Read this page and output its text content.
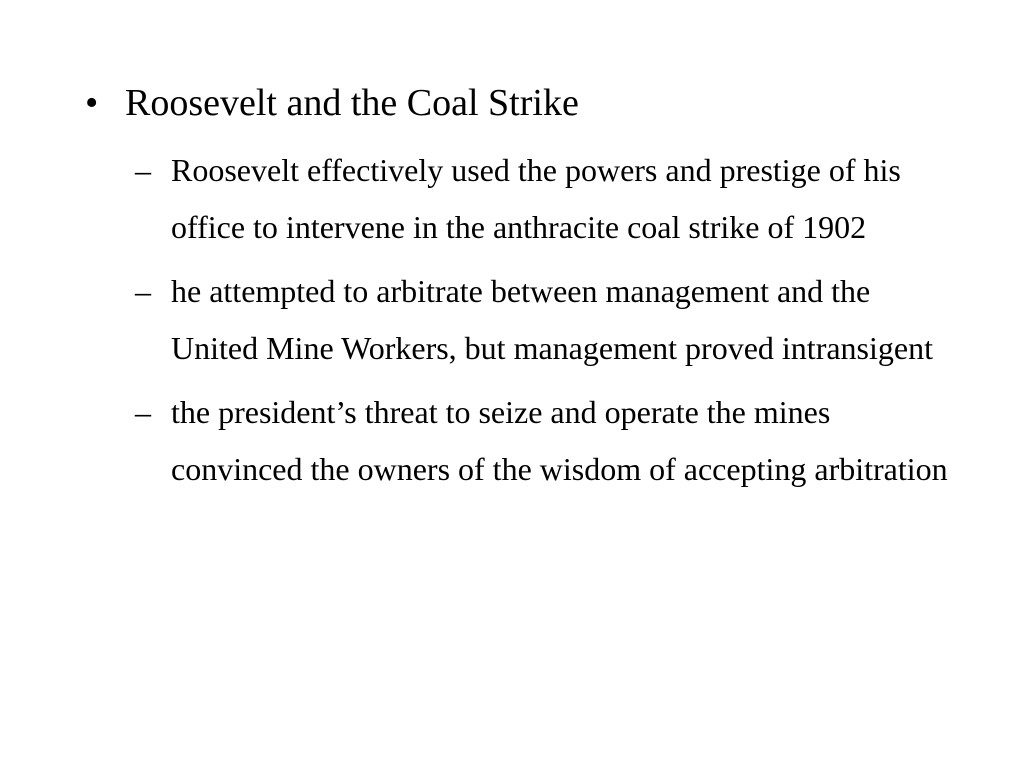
• Roosevelt and the Coal Strike
– Roosevelt effectively used the powers and prestige of his office to intervene in the anthracite coal strike of 1902
– he attempted to arbitrate between management and the United Mine Workers, but management proved intransigent
– the president’s threat to seize and operate the mines convinced the owners of the wisdom of accepting arbitration
